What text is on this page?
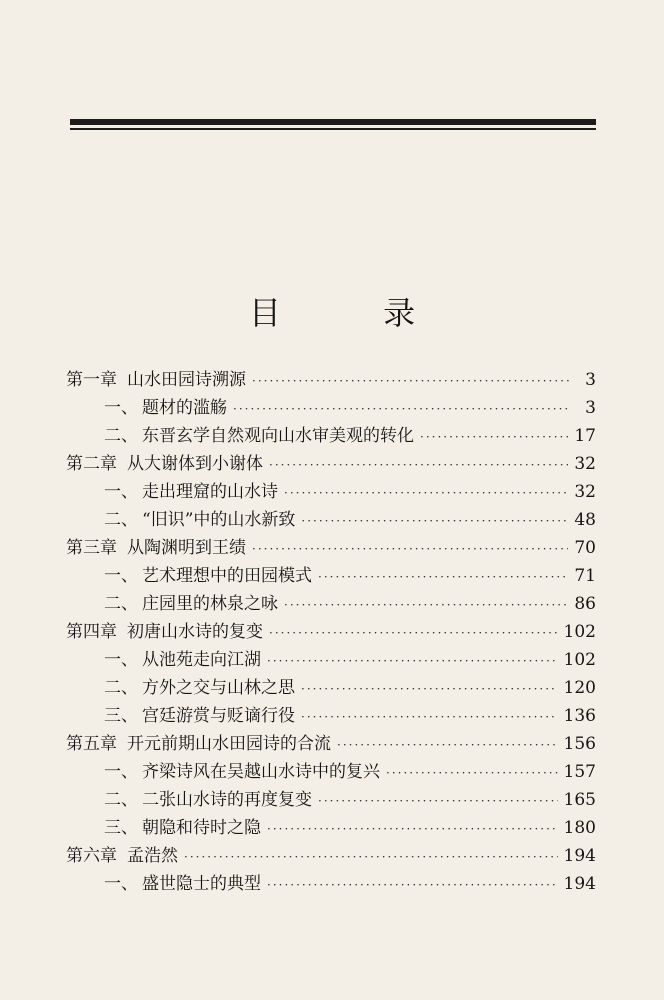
目 录
第一章 山水田园诗溯源 ·····	3
一、 题材的滥觞 ·····	3
二、 东晋玄学自然观向山水审美观的转化 ·····	17
第二章 从大谢体到小谢体 ·····	32
一、 走出理窟的山水诗 ·····	32
二、 “旧识”中的山水新致 ·····	48
第三章 从陶渊明到王绩 ·····	70
一、 艺术理想中的田园模式 ·····	71
二、 庄园里的林泉之咏 ·····	86
第四章 初唐山水诗的复变 ·····	102
一、 从池苑走向江湖 ·····	102
二、 方外之交与山林之思 ·····	120
三、 宫廷游赏与贬谪行役 ·····	136
第五章 开元前期山水田园诗的合流 ·····	156
一、 齐梁诗风在吴越山水诗中的复兴 ·····	157
二、 二张山水诗的再度复变 ·····	165
三、 朝隐和待时之隐 ·····	180
第六章 孟浩然 ·····	194
一、 盛世隐士的典型 ·····	194
